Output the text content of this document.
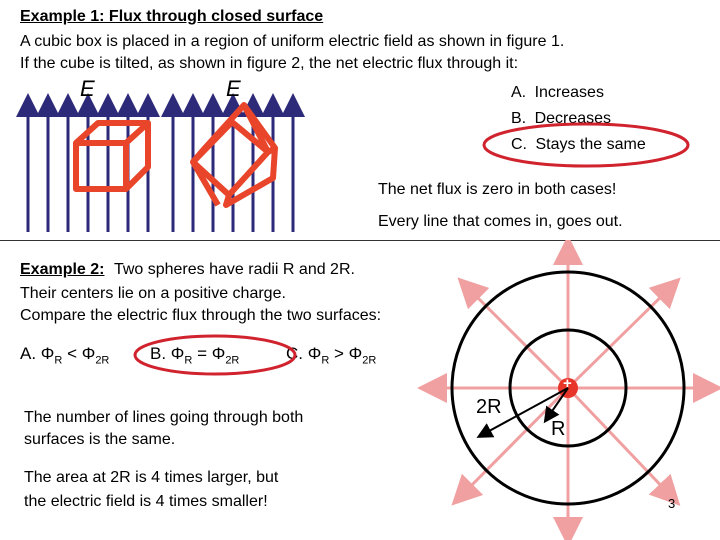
Example 1: Flux through closed surface
A cubic box is placed in a region of uniform electric field as shown in figure 1.
If the cube is tilted, as shown in figure 2, the net electric flux through it:
E	E	A. Increases
B. Decreases
C. Stays the same
The net flux is zero in both cases!
Every line that comes in, goes out.
Example 2: Two spheres have radii R and 2R.
Their centers lie on a positive charge.
Compare the electric flux through the two surfaces:
A. $\Phi_R < \Phi_{2R}$ B. $\Phi_R = \Phi_{2R}$	C. $\Phi_R > \Phi_{2R}$
The number of lines going through both
surfaces is the same.
The area at 2R is 4 times larger, but
the electric field is 4 times smaller!
+
2R
R
3
